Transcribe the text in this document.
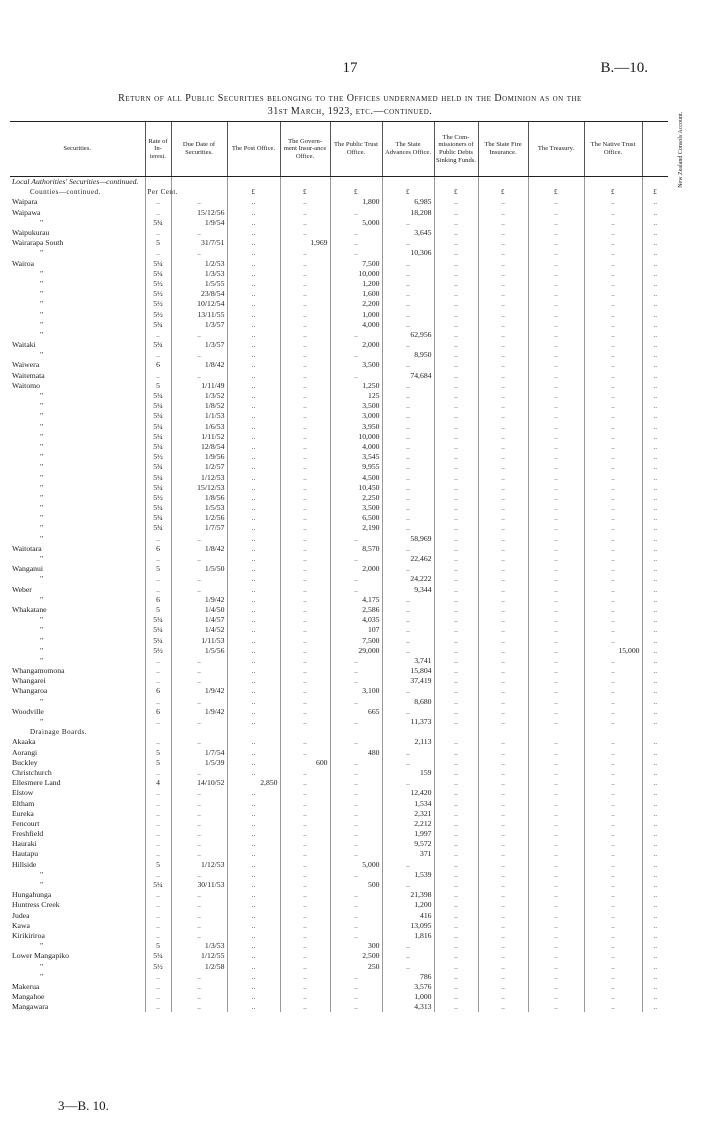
17	B.—10.
Return of all Public Securities belonging to the Offices undernamed held in the Dominion as on the
31st March, 1923, etc.—continued.
Securities.	Rate of In-terest.	Due Date of Securities.	The Post Office.	The Govern-ment Insur-ance Office.	The Public Trust Office.	The State Advances Office.	The Com-missioners of Public Debts Sinking Funds.	The State Fire Insurance.	The Treasury.	The Native Trust Office.	New Zealand Consols Account.
Local Authorities' Securities—continued.											
Counties—continued.	Per Cent.		£	£	£	£	£	£	£	£	£
Waipara	..	..	..	..	1,800	6,985	..	..	..	..	..
Waipawa	..	15/12/56	..	..	..	18,208	..	..	..	..	..
"	5¾	1/9/54	..	..	5,000	..	..	..	..	..	..
Waipukurau	..	..	..	..	..	3,645	..	..	..	..	..
Wairarapa South	5	31/7/51	..	1,969	..	..	..	..	..	..	..
"	..	..	..	..	..	10,306	..	..	..	..	..
Wairoa	5¼	1/2/53	..	..	7,500	..	..	..	..	..	..
"	5¼	1/3/53	..	..	10,000	..	..	..	..	..	..
"	5½	1/5/55	..	..	1,200	..	..	..	..	..	..
"	5½	23/8/54	..	..	1,600	..	..	..	..	..	..
"	5½	10/12/54	..	..	2,200	..	..	..	..	..	..
"	5½	13/11/55	..	..	1,000	..	..	..	..	..	..
"	5¾	1/3/57	..	..	4,000	..	..	..	..	..	..
"	..	..	..	..	..	62,956	..	..	..	..	..
Waitaki	5¾	1/3/57	..	..	2,000	..	..	..	..	..	..
"	..	..	..	..	..	8,950	..	..	..	..	..
Waiwera	6	1/8/42	..	..	3,500	..	..	..	..	..	..
Waitemata	..	..	..	..	..	74,684	..	..	..	..	..
Waitomo	5	1/11/49	..	..	1,250	..	..	..	..	..	..
"	5¼	1/3/52	..	..	125	..	..	..	..	..	..
"	5¼	1/8/52	..	..	3,500	..	..	..	..	..	..
"	5¼	1/1/53	..	..	3,000	..	..	..	..	..	..
"	5¼	1/6/53	..	..	3,950	..	..	..	..	..	..
"	5¼	1/11/52	..	..	10,000	..	..	..	..	..	..
"	5¼	12/8/54	..	..	4,000	..	..	..	..	..	..
"	5½	1/9/56	..	..	3,545	..	..	..	..	..	..
"	5¾	1/2/57	..	..	9,955	..	..	..	..	..	..
"	5¼	1/12/53	..	..	4,500	..	..	..	..	..	..
"	5¼	15/12/53	..	..	10,450	..	..	..	..	..	..
"	5½	1/8/56	..	..	2,250	..	..	..	..	..	..
"	5¼	1/5/53	..	..	3,500	..	..	..	..	..	..
"	5¾	1/2/56	..	..	6,500	..	..	..	..	..	..
"	5¾	1/7/57	..	..	2,190	..	..	..	..	..	..
"	..	..	..	..	..	58,969	..	..	..	..	..
Waitotara	6	1/8/42	..	..	8,570	..	..	..	..	..	..
"	..	..	..	..	..	22,462	..	..	..	..	..
Wanganui	5	1/5/50	..	..	2,000	..	..	..	..	..	..
"	..	..	..	..	..	24,222	..	..	..	..	..
Weber	..	..	..	..	..	9,344	..	..	..	..	..
"	6	1/9/42	..	..	4,175	..	..	..	..	..	..
Whakatane	5	1/4/50	..	..	2,586	..	..	..	..	..	..
"	5¼	1/4/57	..	..	4,035	..	..	..	..	..	..
"	5¼	1/4/52	..	..	107	..	..	..	..	..	..
"	5¼	1/11/53	..	..	7,500	..	..	..	..	..	..
"	5½	1/5/56	..	..	29,000	..	..	..	..	15,000	..
"	..	..	..	..	..	3,741	..	..	..	..	..
Whangamomona	..	..	..	..	..	15,804	..	..	..	..	..
Whangarei	..	..	..	..	..	37,419	..	..	..	..	..
Whangaroa	6	1/9/42	..	..	3,100	..	..	..	..	..	..
"	..	..	..	..	..	8,680	..	..	..	..	..
Woodville	6	1/9/42	..	..	665	..	..	..	..	..	..
"	..	..	..	..	..	11,373	..	..	..	..	..
Drainage Boards.											
Akaaka	..	..	..	..	..	2,113	..	..	..	..	..
Aorangi	5	1/7/54	..	..	480	..	..	..	..	..	..
Buckley	5	1/5/39	..	600	..	..	..	..	..	..	..
Christchurch	..	..	..	..	..	159	..	..	..	..	..
Ellesmere Land	4	14/10/52	2,850	..	..	..	..	..	..	..	..
Elstow	..	..	..	..	..	12,420	..	..	..	..	..
Eltham	..	..	..	..	..	1,534	..	..	..	..	..
Eureka	..	..	..	..	..	2,321	..	..	..	..	..
Fencourt	..	..	..	..	..	2,212	..	..	..	..	..
Freshfield	..	..	..	..	..	1,997	..	..	..	..	..
Hauraki	..	..	..	..	..	9,572	..	..	..	..	..
Hautapu	..	..	..	..	..	371	..	..	..	..	..
Hillside	5	1/12/53	..	..	5,000	..	..	..	..	..	..
"	..	..	..	..	..	1,539	..	..	..	..	..
"	5¼	30/11/53	..	..	500	..	..	..	..	..	..
Hungahunga	..	..	..	..	..	21,398	..	..	..	..	..
Huntress Creek	..	..	..	..	..	1,200	..	..	..	..	..
Judea	..	..	..	..	..	416	..	..	..	..	..
Kawa	..	..	..	..	..	13,095	..	..	..	..	..
Kirikiriroa	..	..	..	..	..	1,816	..	..	..	..	..
"	5	1/3/53	..	..	300	..	..	..	..	..	..
Lower Mangapiko	5¼	1/12/55	..	..	2,500	..	..	..	..	..	..
"	5½	1/2/58	..	..	250	..	..	..	..	..	..
"	..	..	..	..	..	786	..	..	..	..	..
Makerua	..	..	..	..	..	3,576	..	..	..	..	..
Mangahoe	..	..	..	..	..	1,000	..	..	..	..	..
Mangawara	..	..	..	..	..	4,313	..	..	..	..	..
3—B. 10.
